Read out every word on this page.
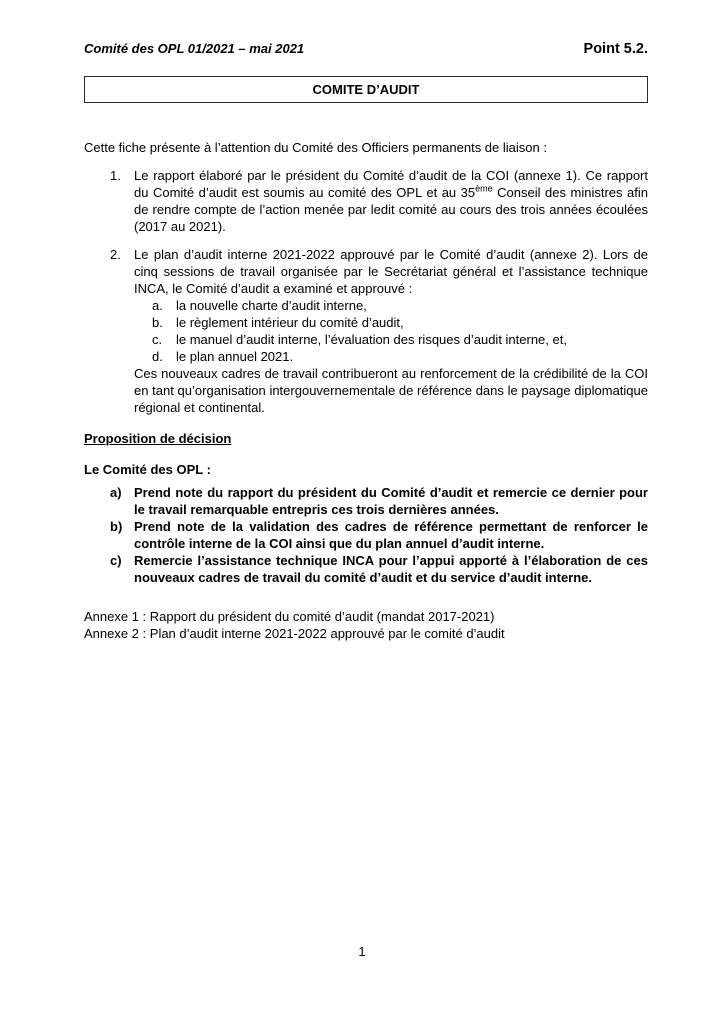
Comité des OPL 01/2021 – mai 2021	Point 5.2.
COMITE D’AUDIT

Cette fiche présente à l’attention du Comité des Officiers permanents de liaison :

1.	Le rapport élaboré par le président du Comité d’audit de la COI (annexe 1). Ce rapport du Comité d’audit est soumis au comité des OPL et au 35ème Conseil des ministres afin de rendre compte de l’action menée par ledit comité au cours des trois années écoulées (2017 au 2021).
2.	Le plan d’audit interne 2021-2022 approuvé par le Comité d’audit (annexe 2). Lors de cinq sessions de travail organisée par le Secrétariat général et l’assistance technique INCA, le Comité d’audit a examiné et approuvé :
a.	la nouvelle charte d’audit interne,
b.	le règlement intérieur du comité d’audit,
c.	le manuel d’audit interne, l’évaluation des risques d’audit interne, et,
d.	le plan annuel 2021.

Ces nouveaux cadres de travail contribueront au renforcement de la crédibilité de la COI en tant qu’organisation intergouvernementale de référence dans le paysage diplomatique régional et continental.

Proposition de décision

Le Comité des OPL :

a) Prend note du rapport du président du Comité d’audit et remercie ce dernier pour le travail remarquable entrepris ces trois dernières années.
b) Prend note de la validation des cadres de référence permettant de renforcer le contrôle interne de la COI ainsi que du plan annuel d’audit interne.
c) Remercie l’assistance technique INCA pour l’appui apporté à l’élaboration de ces nouveaux cadres de travail du comité d’audit et du service d’audit interne.

Annexe 1 : Rapport du président du comité d’audit (mandat 2017-2021)

Annexe 2 : Plan d’audit interne 2021-2022 approuvé par le comité d’audit

1
